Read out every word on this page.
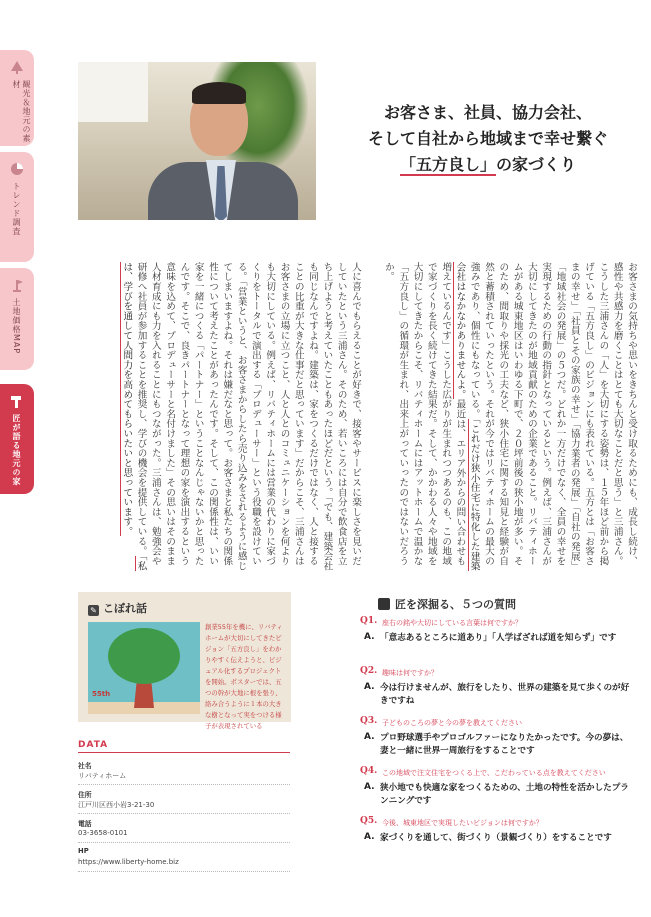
観光＆地元の素材
トレンド調査
土地価格MAP
匠が語る地元の家
お客さま、社員、協力会社、
そして自社から地域まで幸せ繋ぐ
「五方良し」の家づくり

お客さまの気持ちや思いをきちんと受け取るためにも、成長し続け、感性や共感力を磨くことはとても大切なことだと思う」と三浦さん。こうした三浦さんの「人」を大切にする姿勢は、１５年ほど前から掲げている「五方良し」のビジョンにも表れている。五方とは「お客さまの幸せ」「社員とその家族の幸せ」「協力業者の発展」「自社の発展」「地域社会の発展」の５つだ。どれか一方だけでなく、全員の幸せを実現するための行動の指針となっているという。例えば、三浦さんが大切にしてきたのが地域貢献のための企業であること。リバティホームがある城東地区はいわゆる下町で、２０坪前後の狭小地が多い。そのため、間取りや採光の工夫など、狭小住宅に関する知見と経験が自然と蓄積されていったという。それが今ではリバティホームの最大の強みであり、個性にもなっている。「これだけ狭小住宅に特化した建築会社はなかなかありませんよ。最近は、エリア外からの問い合わせも増えているんです」こうした広がりが生まれつつあるのも、この地域で家づくりを長く続けてきた結果だ。そして、かかわる人々や地域を大切にしてきたからこそ、リバティホームにはアットホームで温かな「五方良し」の循環が生まれ、出来上がっていったのではないだろうか。

人に喜んでもらえることが好きで、接客やサービスに楽しさを見いだしていたという三浦さん。そのため、若いころには自分で飲食店を立ち上げようと考えていたこともあったほどだという。「でも、建築会社も同じなんですよね。建築は、家をつくるだけではなく、人と接することの比重が大きな仕事だと思っています」だからこそ、三浦さんはお客さまの立場に立つこと、人と人とのコミュニケーションを何よりも大切にしている。例えば、リバティホームには営業の代わりに家づくりをトータルで演出する「プロデューサー」という役職を設けている。「営業というと、お客さまからしたら売り込みをされるように感じてしまいますよね。それは嫌だなと思って。お客さまと私たちの関係性について考えたことがあったんです。そして、この関係性は、いい家を一緒につくる「パートナー」ということなんじゃないかと思ったんです。そこで、良きパートナーとなって理想の家を演出するという意味を込めて、プロデューサーと名付けました」その思いはそのまま人材育成にも力を入れることにもつながった。三浦さんは、勉強会や研修へ社員が参加することを推奨し、学びの機会を提供している。「私は、学びを通して人間力を高めてもらいたいと思っています。

✎ こぼれ話
55th
創業55年を機に、リバティホームが大切にしてきたビジョン「五方良し」をわかりやすく伝えようと、ビジュアル化するプロジェクトを開始。ポスターでは、五つの幹が大地に根を張り、絡み合うように１本の大きな樹となって実をつける様子が表現されている
DATA
社名
リバティホーム
住所
江戸川区西小岩3-21-30
電話
03-3658-0101
HP
https://www.liberty-home.biz
匠を深掘る、５つの質問
Q1. 座右の銘や大切にしている言葉は何ですか？
A. 「意志あるところに道あり」「人学ばざれば道を知らず」です
Q2. 趣味は何ですか？
A. 今は行けませんが、旅行をしたり、世界の建築を見て歩くのが好きですね
Q3. 子どものころの夢と今の夢を教えてください
A. プロ野球選手やプロゴルファーになりたかったです。今の夢は、妻と一緒に世界一周旅行をすることです
Q4. この地域で注文住宅をつくる上で、こだわっている点を教えてください
A. 狭小地でも快適な家をつくるための、土地の特性を活かしたプランニングです
Q5. 今後、城東地区で実現したいビジョンは何ですか？
A. 家づくりを通して、街づくり（景観づくり）をすることです
